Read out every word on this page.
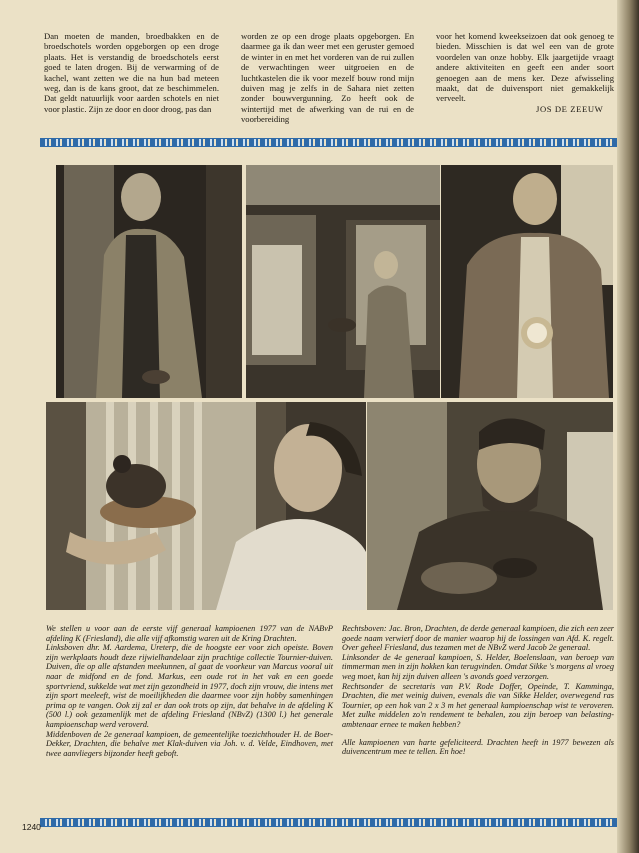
Dan moeten de manden, broedbakken en de broedschotels worden opgeborgen op een droge plaats. Het is verstandig de broedschotels eerst goed te laten drogen. Bij de verwarming of de kachel, want zetten we die na hun bad meteen weg, dan is de kans groot, dat ze beschimmelen. Dat geldt natuurlijk voor aarden schotels en niet voor plastic. Zijn ze door en door droog, pas dan

worden ze op een droge plaats opgeborgen. En daarmee ga ik dan weer met een geruster gemoed de winter in en met het vorderen van de rui zullen de verwachtingen weer uitgroeien en de luchtkastelen die ik voor mezelf bouw rond mijn duiven mag je zelfs in de Sahara niet zetten zonder bouwvergunning. Zo heeft ook de wintertijd met de afwerking van de rui en de voorbereiding

voor het komend kweekseizoen dat ook genoeg te bieden. Misschien is dat wel een van de grote voordelen van onze hobby. Elk jaargetijde vraagt andere aktiviteiten en geeft een ander soort genoegen aan de mens ker. Deze afwisseling maakt, dat de duivensport niet gemakkelijk verveelt.

JOS DE ZEEUW

We stellen u voor aan de eerste vijf generaal kampioenen 1977 van de NABvP afdeling K (Friesland), die alle vijf afkomstig waren uit de Kring Drachten.

Linksboven dhr. M. Aardema, Ureterp, die de hoogste eer voor zich opeiste. Boven zijn werkplaats houdt deze rijwielhandelaar zijn prachtige collectie Tournier-duiven. Duiven, die op alle afstanden meekunnen, al gaat de voorkeur van Marcus vooral uit naar de midfond en de fond. Markus, een oude rot in het vak en een goede sportvriend, sukkelde wat met zijn gezondheid in 1977, doch zijn vrouw, die intens met zijn sport meeleeft, wist de moeilijkheden die daarmee voor zijn hobby samenhingen prima op te vangen. Ook zij zal er dan ook trots op zijn, dat behalve in de afdeling K (500 l.) ook gezamenlijk met de afdeling Friesland (NBvZ) (1300 l.) het generale kampioenschap werd veroverd.

Middenboven de 2e generaal kampioen, de gemeentelijke toezichthouder H. de Boer-Dekker, Drachten, die behalve met Klak-duiven via Joh. v. d. Velde, Eindhoven, met twee aanvliegers bijzonder heeft geboft.

Rechtsboven: Jac. Bron, Drachten, de derde generaal kampioen, die zich een zeer goede naam verwierf door de manier waarop hij de lossingen van Afd. K. regelt. Over geheel Friesland, dus tezamen met de NBvZ werd Jacob 2e generaal.

Linksonder de 4e generaal kampioen, S. Helder, Boelenslaan, van beroep van timmerman men in zijn hokken kan terugvinden. Omdat Sikke 's morgens al vroeg weg moet, kan hij zijn duiven alleen 's avonds goed verzorgen.

Rechtsonder de secretaris van P.V. Rode Doffer, Opeinde, T. Kamminga, Drachten, die met weinig duiven, evenals die van Sikke Helder, overwegend ras Tournier, op een hok van 2 x 3 m het generaal kampioenschap wist te veroveren. Met zulke middelen zo'n rendement te behalen, zou zijn beroep van belasting-ambtenaar ernee te maken hebben?

Alle kampioenen van harte gefeliciteerd. Drachten heeft in 1977 bewezen als duivencentrum mee te tellen. En hoe!

1240
